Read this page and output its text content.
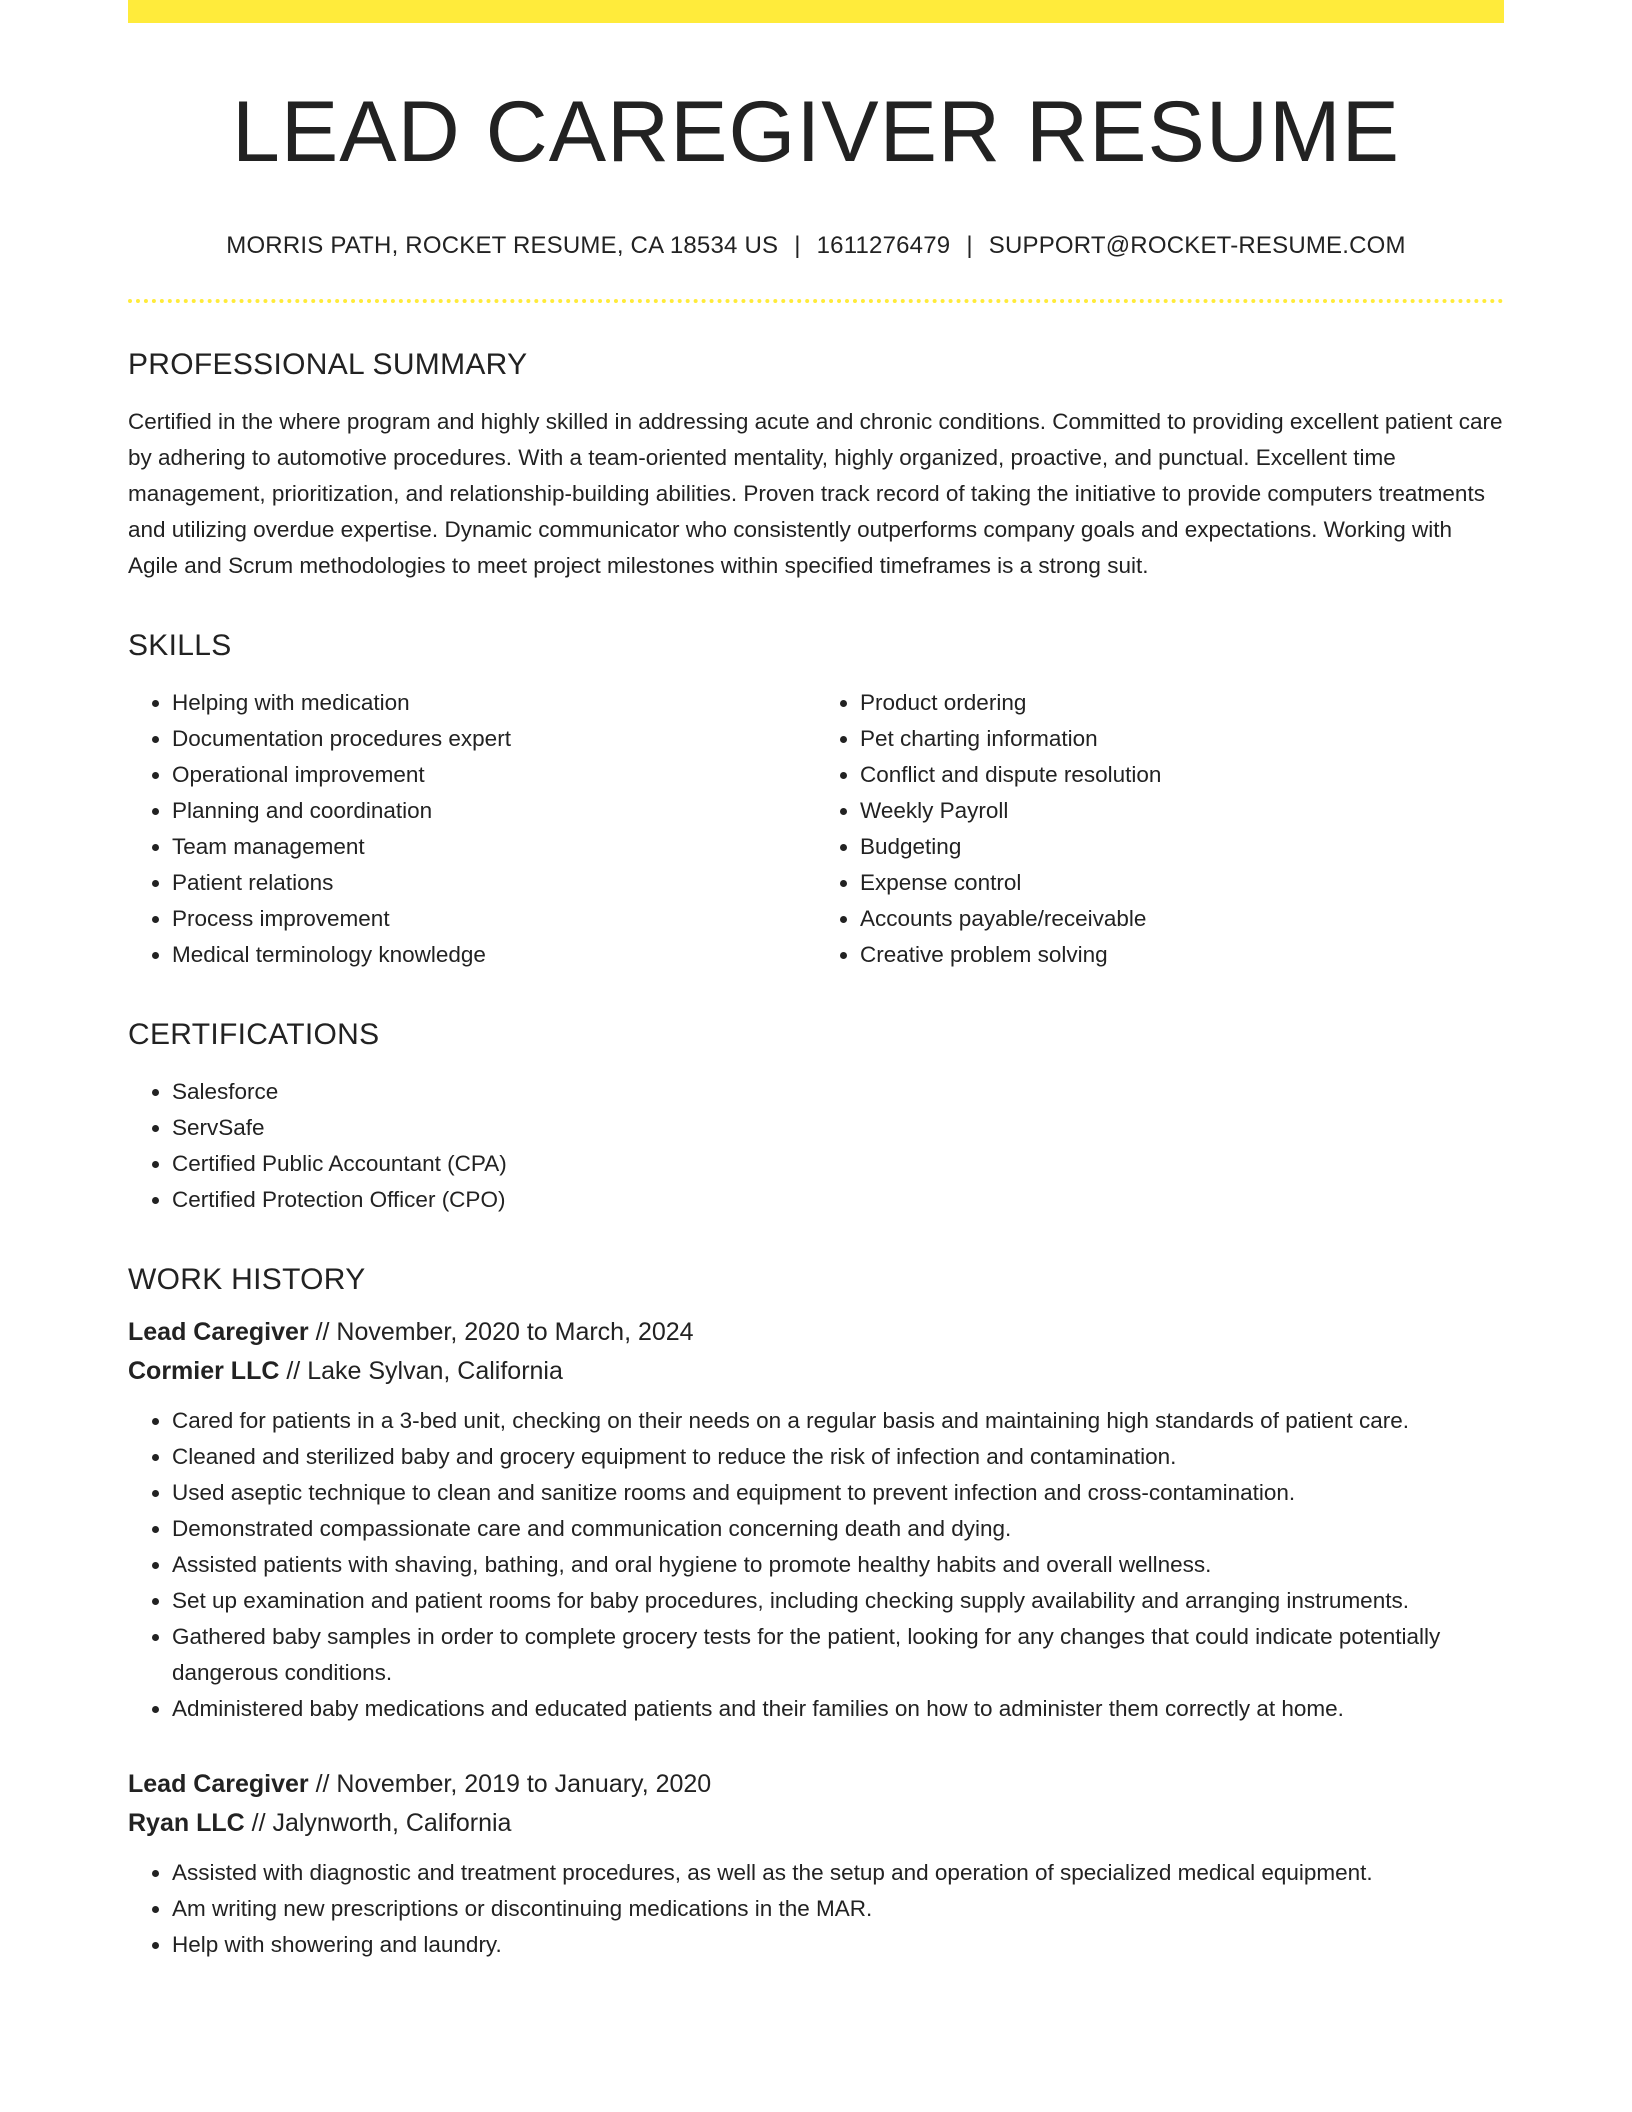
LEAD CAREGIVER RESUME
MORRIS PATH, ROCKET RESUME, CA 18534 US | 1611276479 | SUPPORT@ROCKET-RESUME.COM
PROFESSIONAL SUMMARY

Certified in the where program and highly skilled in addressing acute and chronic conditions. Committed to providing excellent patient care by adhering to automotive procedures. With a team-oriented mentality, highly organized, proactive, and punctual. Excellent time management, prioritization, and relationship-building abilities. Proven track record of taking the initiative to provide computers treatments and utilizing overdue expertise. Dynamic communicator who consistently outperforms company goals and expectations. Working with Agile and Scrum methodologies to meet project milestones within specified timeframes is a strong suit.

SKILLS
• Helping with medication
• Documentation procedures expert
• Operational improvement
• Planning and coordination
• Team management
• Patient relations
• Process improvement
• Medical terminology knowledge
• Product ordering
• Pet charting information
• Conflict and dispute resolution
• Weekly Payroll
• Budgeting
• Expense control
• Accounts payable/receivable
• Creative problem solving
CERTIFICATIONS
• Salesforce
• ServSafe
• Certified Public Accountant (CPA)
• Certified Protection Officer (CPO)
WORK HISTORY
Lead Caregiver // November, 2020 to March, 2024
Cormier LLC // Lake Sylvan, California
• Cared for patients in a 3-bed unit, checking on their needs on a regular basis and maintaining high standards of patient care.
• Cleaned and sterilized baby and grocery equipment to reduce the risk of infection and contamination.
• Used aseptic technique to clean and sanitize rooms and equipment to prevent infection and cross-contamination.
• Demonstrated compassionate care and communication concerning death and dying.
• Assisted patients with shaving, bathing, and oral hygiene to promote healthy habits and overall wellness.
• Set up examination and patient rooms for baby procedures, including checking supply availability and arranging instruments.
• Gathered baby samples in order to complete grocery tests for the patient, looking for any changes that could indicate potentially dangerous conditions.
• Administered baby medications and educated patients and their families on how to administer them correctly at home.
Lead Caregiver // November, 2019 to January, 2020
Ryan LLC // Jalynworth, California
• Assisted with diagnostic and treatment procedures, as well as the setup and operation of specialized medical equipment.
• Am writing new prescriptions or discontinuing medications in the MAR.
• Help with showering and laundry.
